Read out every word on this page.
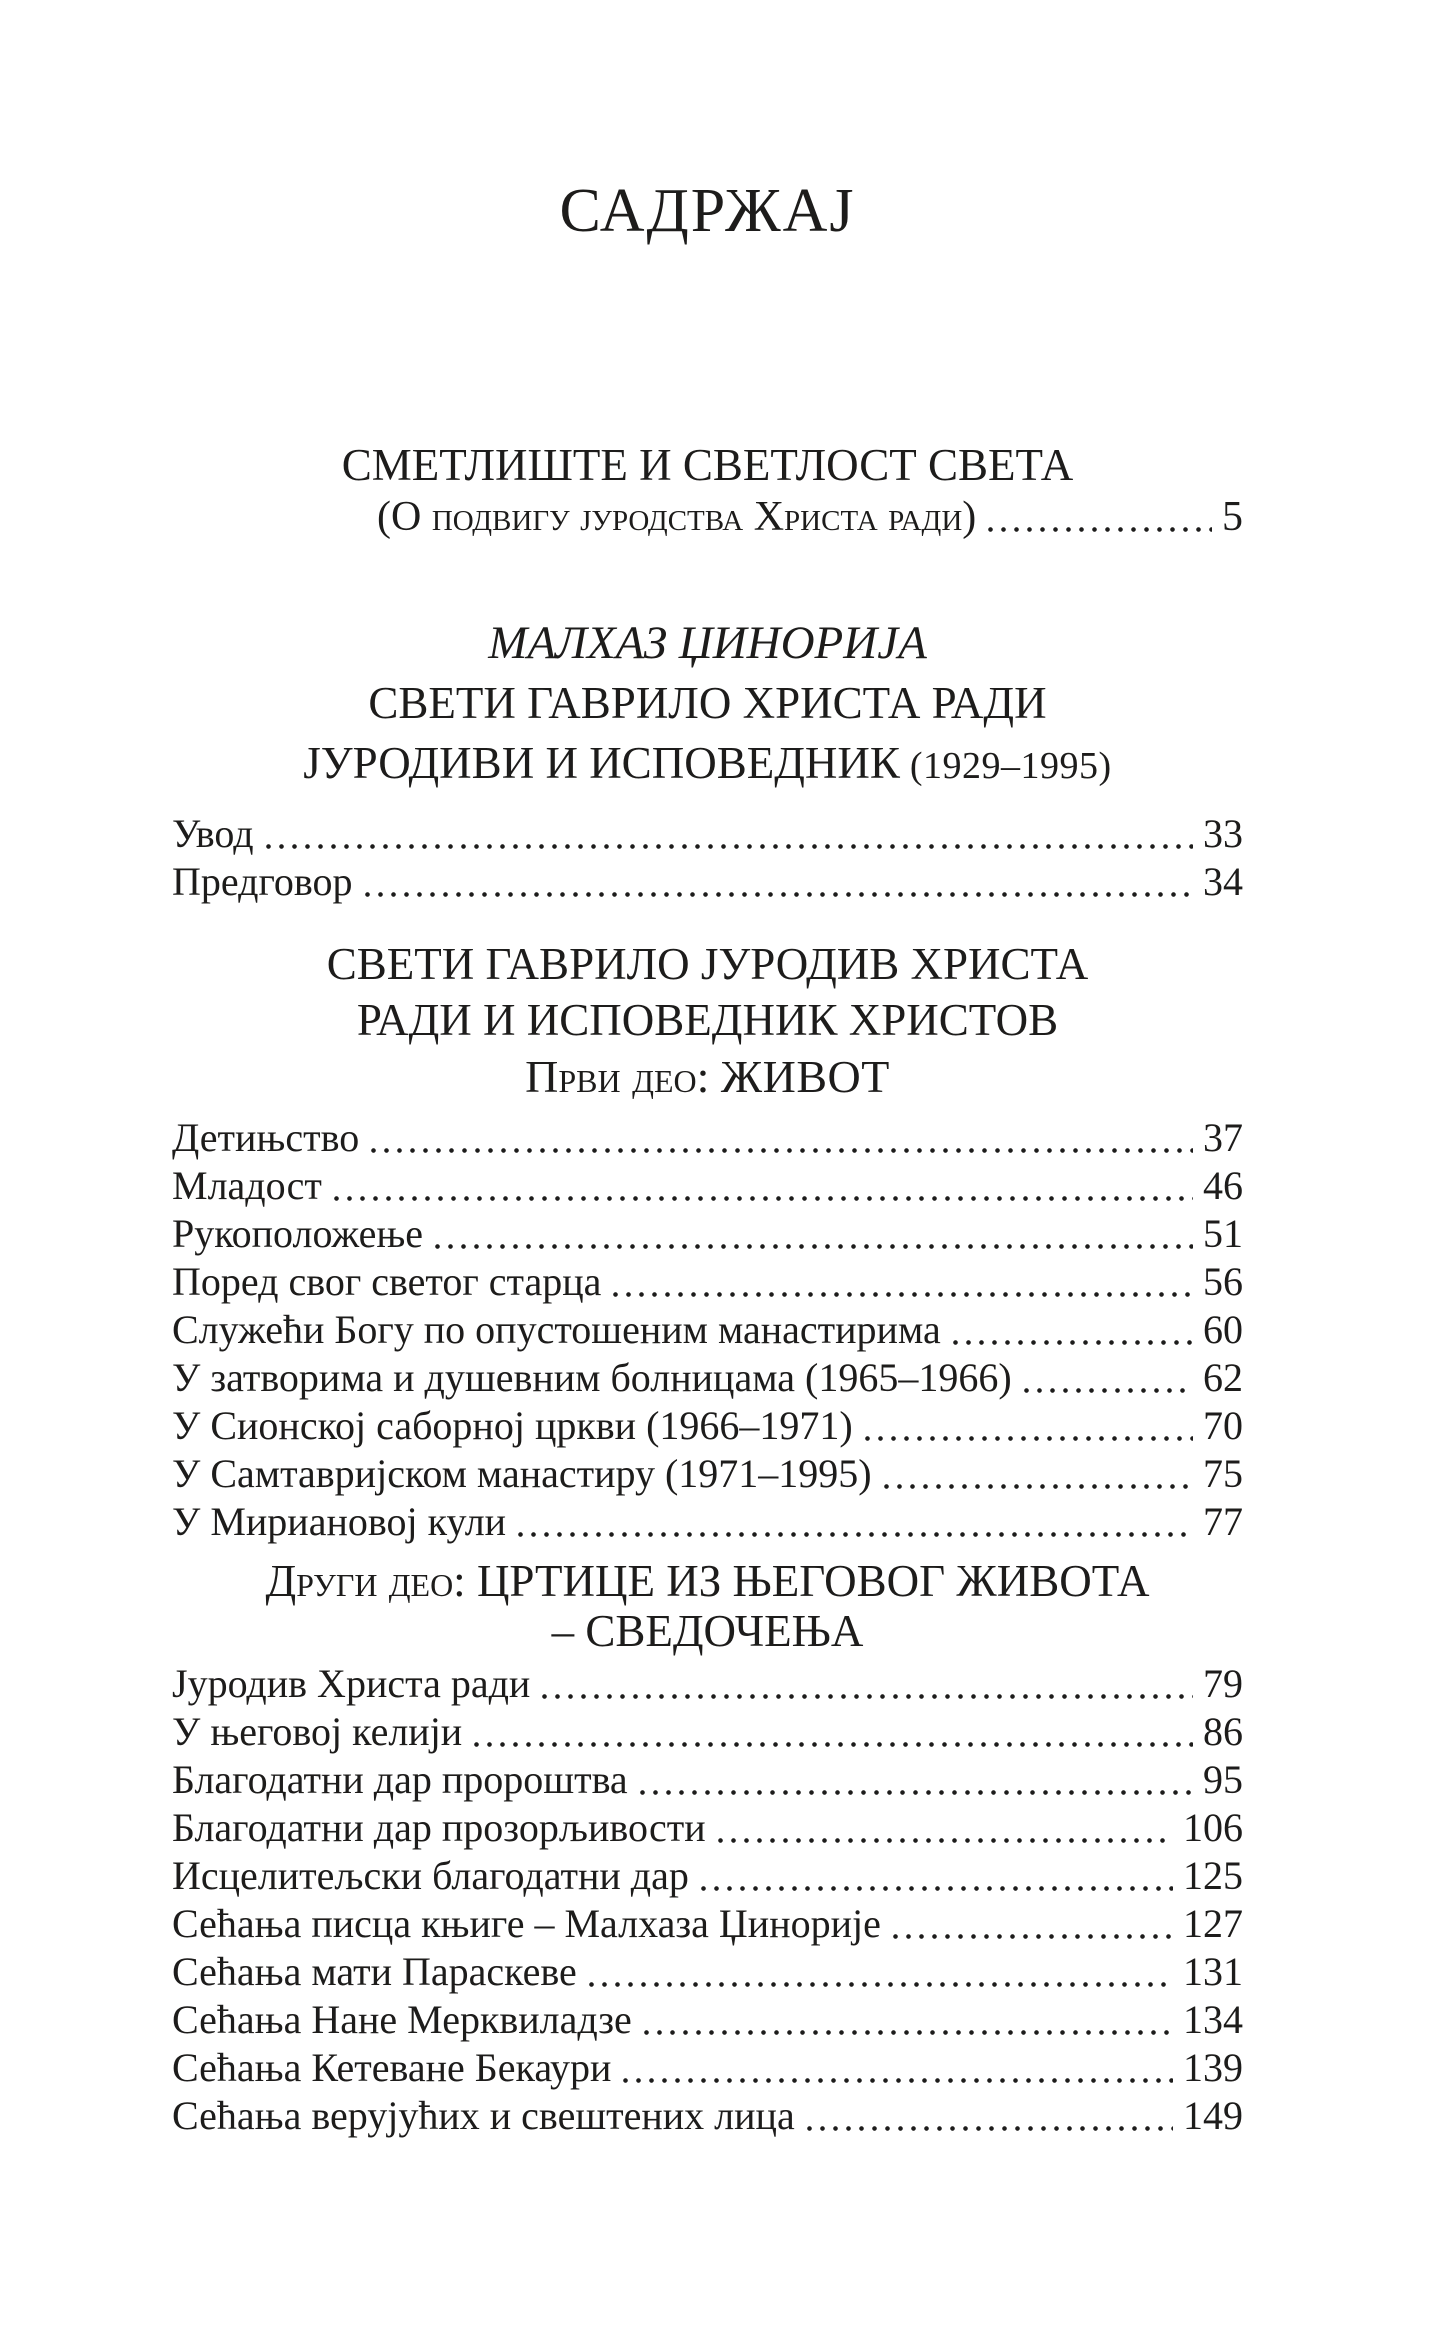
САДРЖАЈ
СМЕТЛИШТЕ И СВЕТЛОСТ СВЕТА
(О подвигу јуродства Христа ради)	5
МАЛХАЗ ЏИНОРИЈА
СВЕТИ ГАВРИЛО ХРИСТА РАДИ
ЈУРОДИВИ И ИСПОВЕДНИК (1929–1995)
Увод	33
Предговор	34
СВЕТИ ГАВРИЛО ЈУРОДИВ ХРИСТА
РАДИ И ИСПОВЕДНИК ХРИСТОВ
Први део: ЖИВОТ
Детињство	37
Младост	46
Рукоположење	51
Поред свог светог старца	56
Служећи Богу по опустошеним манастирима	60
У затворима и душевним болницама (1965–1966)	62
У Сионској саборној цркви (1966–1971)	70
У Самтавријском манастиру (1971–1995)	75
У Мириановој кули	77
Други део: ЦРТИЦЕ ИЗ ЊЕГОВОГ ЖИВОТА
– СВЕДОЧЕЊА
Јуродив Христа ради	79
У његовој келији	86
Благодатни дар пророштва	95
Благодатни дар прозорљивости	106
Исцелитељски благодатни дар	125
Сећања писца књиге – Малхаза Џинорије	127
Сећања мати Параскеве	131
Сећања Нане Мерквиладзе	134
Сећања Кетеване Бекаури	139
Сећања верујућих и свештених лица	149
